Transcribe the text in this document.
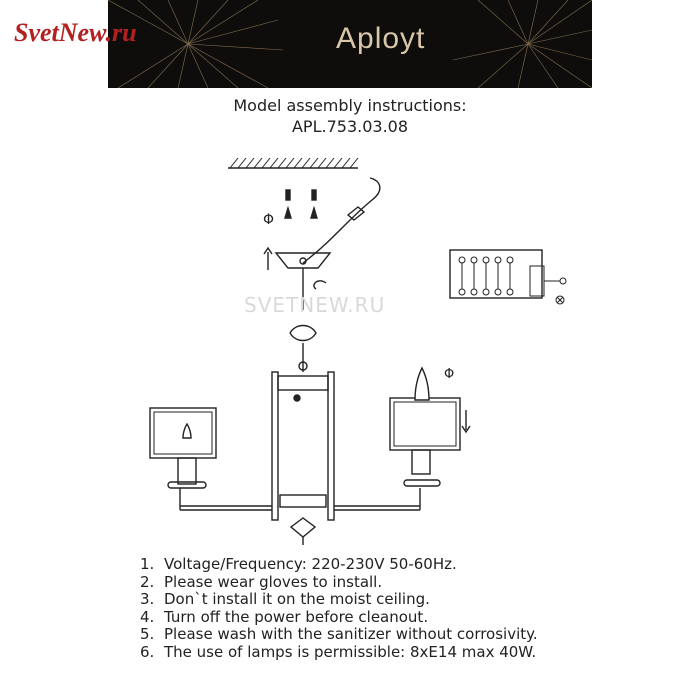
Aployt
SvetNew.ru
Model assembly instructions:
APL.753.03.08
Φ
Φ
SVETNEW.RU
1. Voltage/Frequency: 220-230V 50-60Hz.
2. Please wear gloves to install.
3. Don`t install it on the moist ceiling.
4. Turn off the power before cleanout.
5. Please wash with the sanitizer without corrosivity.
6. The use of lamps is permissible: 8xE14 max 40W.
